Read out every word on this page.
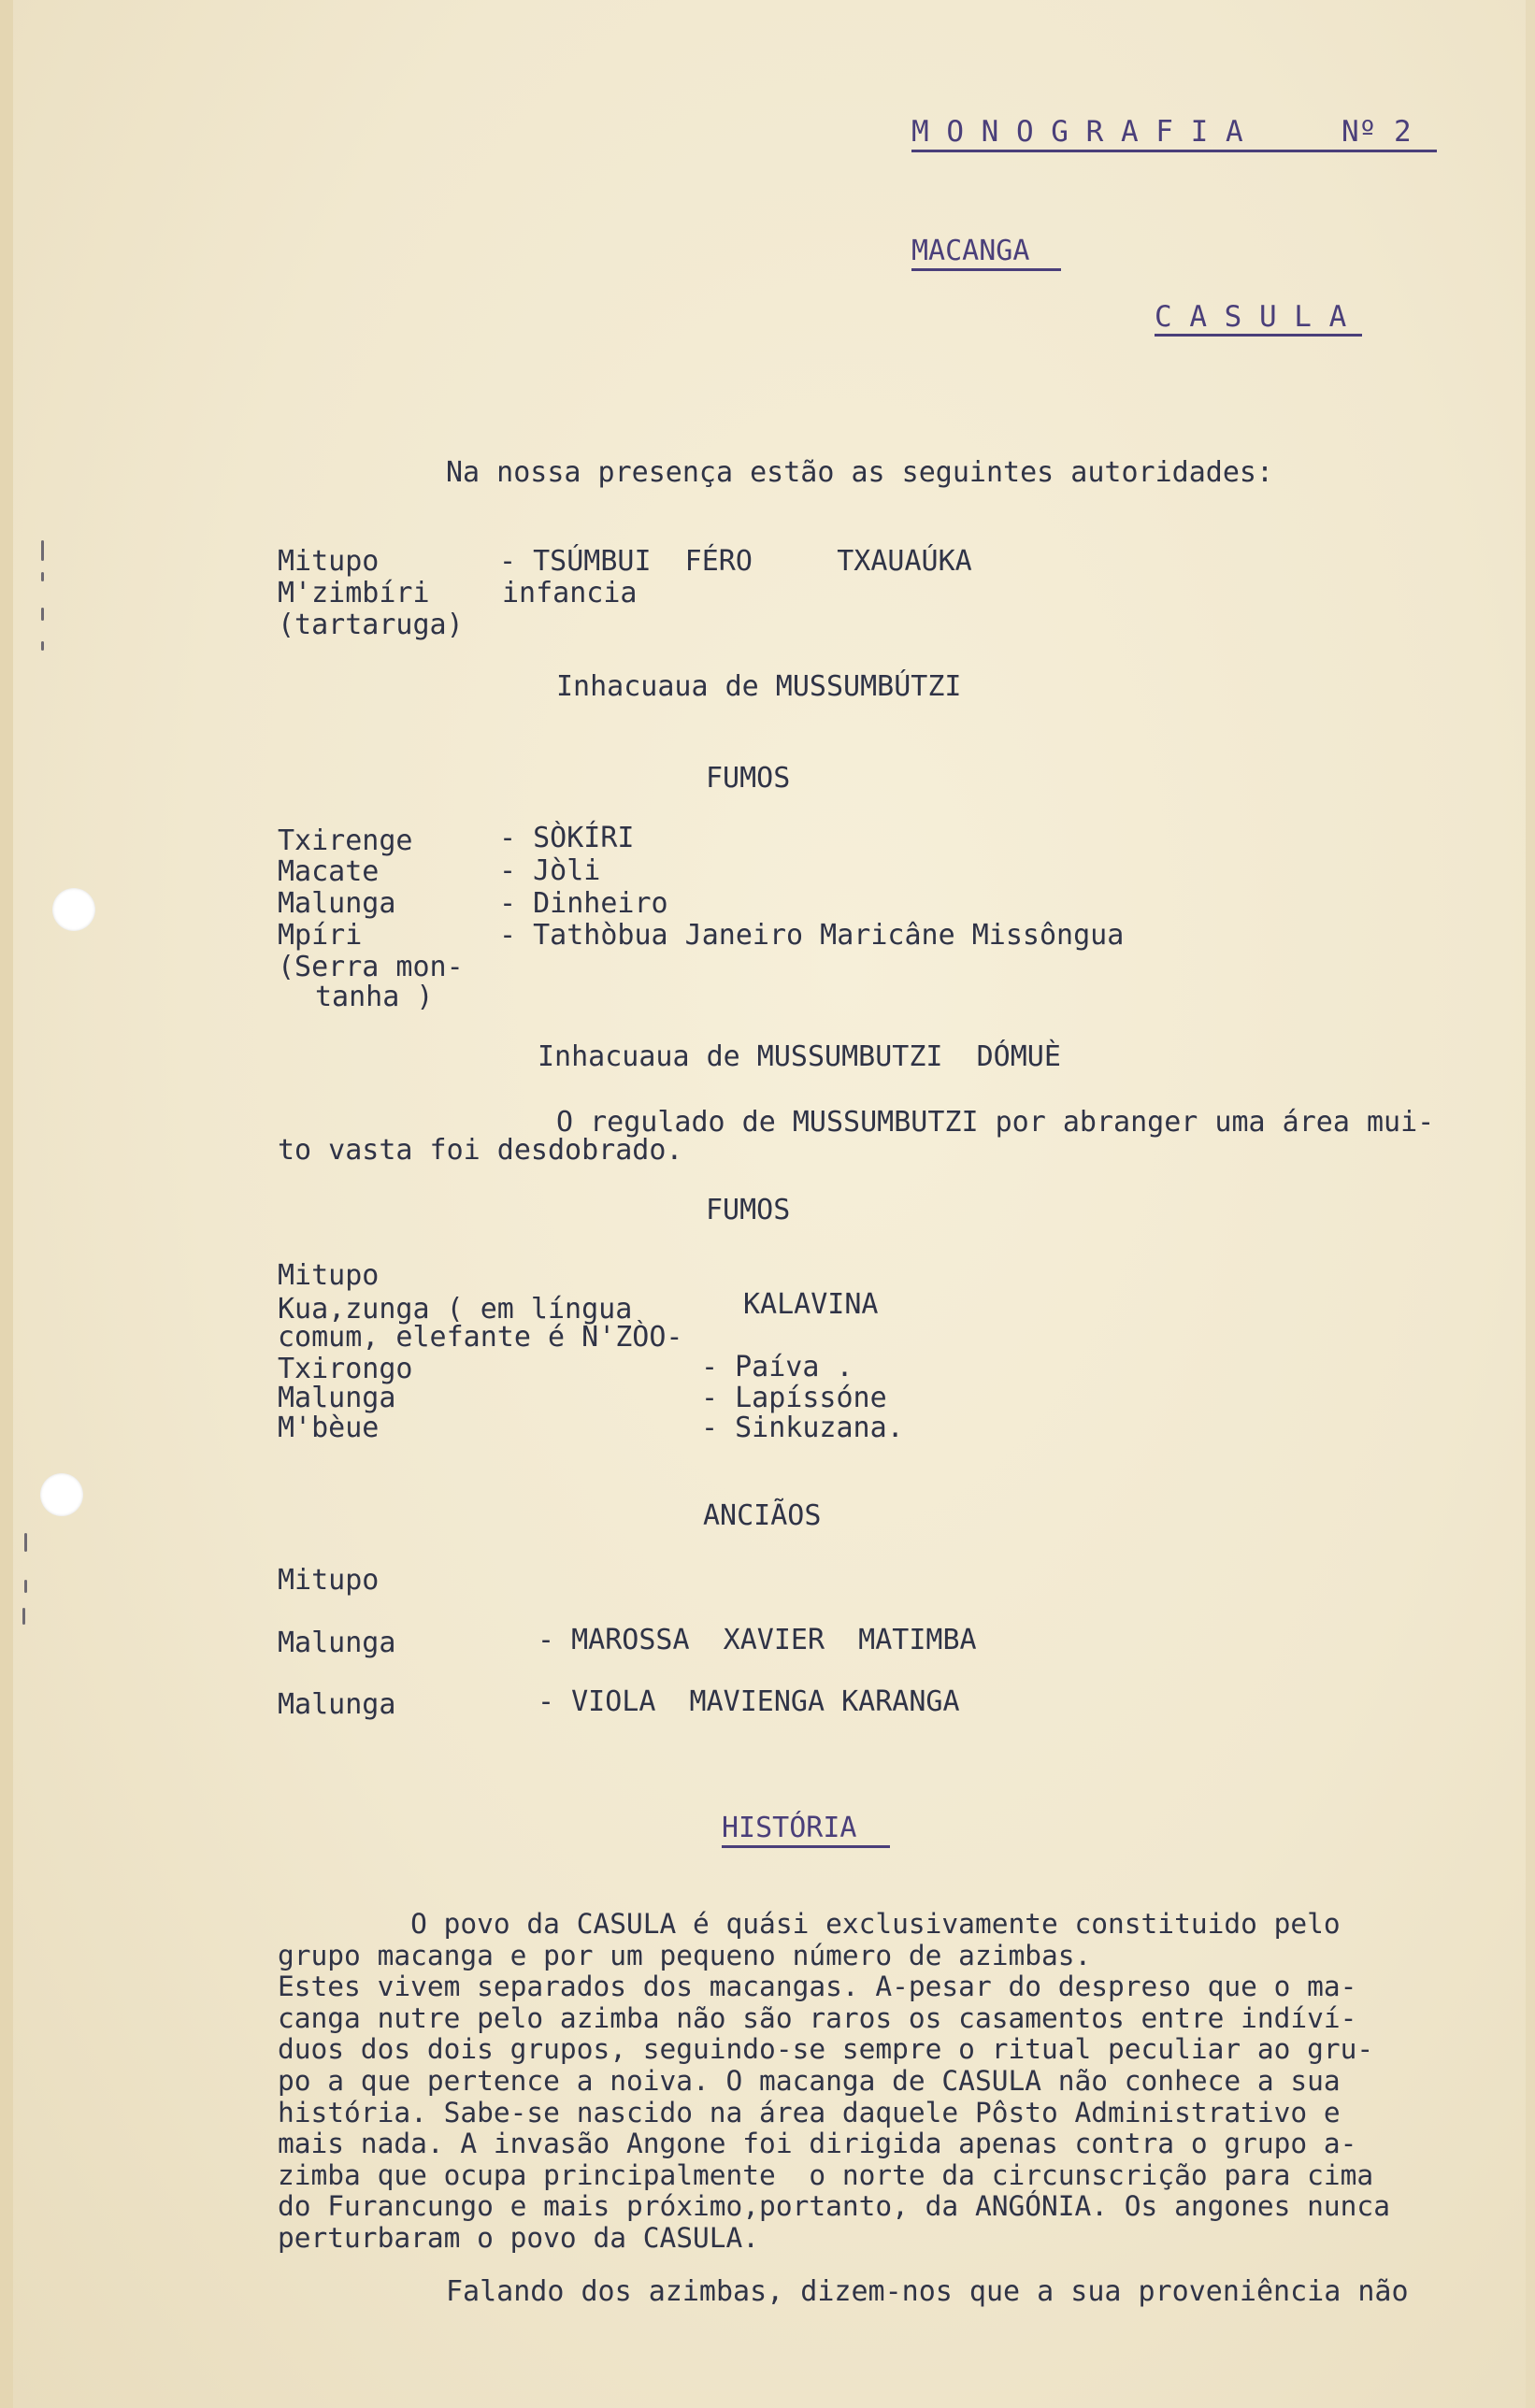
M O N O G R A F I A	Nº 2
MACANGA
C A S U L A
Na nossa presença estão as seguintes autoridades:
Mitupo	- TSÚMBUI  FÉRO     TXAUAÚKA
M'zimbíri	infancia
(tartaruga)
Inhacuaua de MUSSUMBÚTZI
FUMOS
Txirenge	- SÒKÍRI
Macate	- Jòli
Malunga	- Dinheiro
Mpíri	- Tathòbua Janeiro Maricâne Missôngua
(Serra mon-
tanha )
Inhacuaua de MUSSUMBUTZI  DÓMUÈ
O regulado de MUSSUMBUTZI por abranger uma área mui-
to vasta foi desdobrado.
FUMOS
Mitupo
Kua,zunga ( em língua	KALAVINA
comum, elefante é N'ZÒO-
Txirongo	- Paíva .
Malunga	- Lapíssóne
M'bèue	- Sinkuzana.
ANCIÃOS
Mitupo
Malunga	- MAROSSA  XAVIER  MATIMBA
Malunga	- VIOLA  MAVIENGA KARANGA
HISTÓRIA
O povo da CASULA é quási exclusivamente constituido pelo
grupo macanga e por um pequeno número de azimbas.
Estes vivem separados dos macangas. A-pesar do despreso que o ma-
canga nutre pelo azimba não são raros os casamentos entre indíví-
duos dos dois grupos, seguindo-se sempre o ritual peculiar ao gru-
po a que pertence a noiva. O macanga de CASULA não conhece a sua
história. Sabe-se nascido na área daquele Pôsto Administrativo e
mais nada. A invasão Angone foi dirigida apenas contra o grupo a-
zimba que ocupa principalmente  o norte da circunscrição para cima
do Furancungo e mais próximo,portanto, da ANGÓNIA. Os angones nunca
perturbaram o povo da CASULA.
Falando dos azimbas, dizem-nos que a sua proveniência não
